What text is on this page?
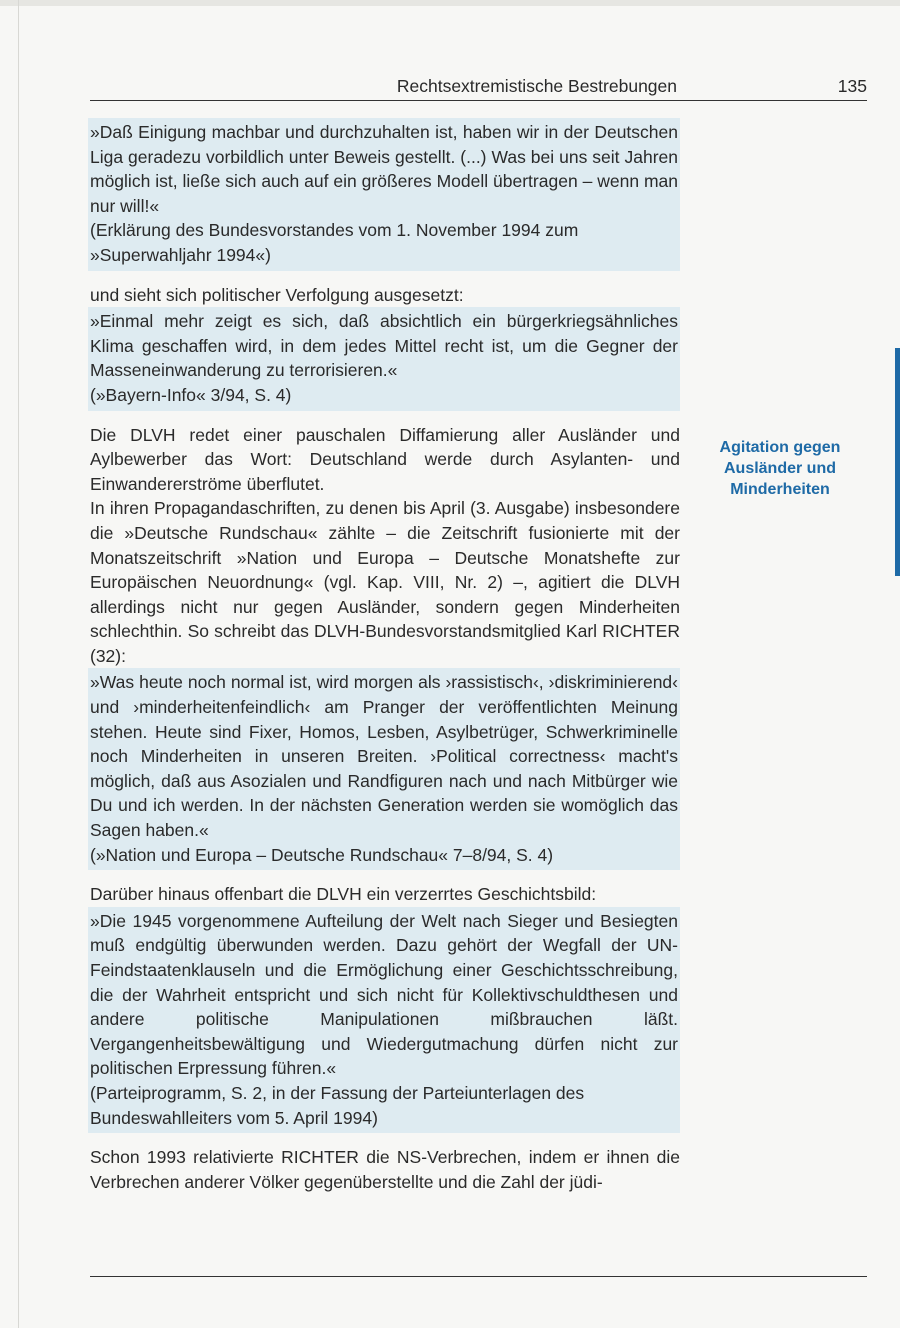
Rechtsextremistische Bestrebungen	135

»Daß Einigung machbar und durchzuhalten ist, haben wir in der Deutschen Liga geradezu vorbildlich unter Beweis gestellt. (...) Was bei uns seit Jahren möglich ist, ließe sich auch auf ein größeres Modell übertragen – wenn man nur will!«

(Erklärung des Bundesvorstandes vom 1. November 1994 zum »Superwahljahr 1994«)

und sieht sich politischer Verfolgung ausgesetzt:

»Einmal mehr zeigt es sich, daß absichtlich ein bürgerkriegsähnliches Klima geschaffen wird, in dem jedes Mittel recht ist, um die Gegner der Masseneinwanderung zu terrorisieren.«

(»Bayern-Info« 3/94, S. 4)

Die DLVH redet einer pauschalen Diffamierung aller Ausländer und Aylbewerber das Wort: Deutschland werde durch Asylanten- und Einwandererströme überflutet.

In ihren Propagandaschriften, zu denen bis April (3. Ausgabe) insbesondere die »Deutsche Rundschau« zählte – die Zeitschrift fusionierte mit der Monatszeitschrift »Nation und Europa – Deutsche Monatshefte zur Europäischen Neuordnung« (vgl. Kap. VIII, Nr. 2) –, agitiert die DLVH allerdings nicht nur gegen Ausländer, sondern gegen Minderheiten schlechthin. So schreibt das DLVH-Bundesvorstandsmitglied Karl RICHTER (32):

»Was heute noch normal ist, wird morgen als ›rassistisch‹, ›diskriminierend‹ und ›minderheitenfeindlich‹ am Pranger der veröffentlichten Meinung stehen. Heute sind Fixer, Homos, Lesben, Asylbetrüger, Schwerkriminelle noch Minderheiten in unseren Breiten. ›Political correctness‹ macht's möglich, daß aus Asozialen und Randfiguren nach und nach Mitbürger wie Du und ich werden. In der nächsten Generation werden sie womöglich das Sagen haben.«

(»Nation und Europa – Deutsche Rundschau« 7–8/94, S. 4)

Darüber hinaus offenbart die DLVH ein verzerrtes Geschichtsbild:

»Die 1945 vorgenommene Aufteilung der Welt nach Sieger und Besiegten muß endgültig überwunden werden. Dazu gehört der Wegfall der UN-Feindstaatenklauseln und die Ermöglichung einer Geschichtsschreibung, die der Wahrheit entspricht und sich nicht für Kollektivschuldthesen und andere politische Manipulationen mißbrauchen läßt. Vergangenheitsbewältigung und Wiedergutmachung dürfen nicht zur politischen Erpressung führen.«

(Parteiprogramm, S. 2, in der Fassung der Parteiunterlagen des Bundeswahlleiters vom 5. April 1994)

Schon 1993 relativierte RICHTER die NS-Verbrechen, indem er ihnen die Verbrechen anderer Völker gegenüberstellte und die Zahl der jüdi-

Agitation gegen Ausländer und Minderheiten
